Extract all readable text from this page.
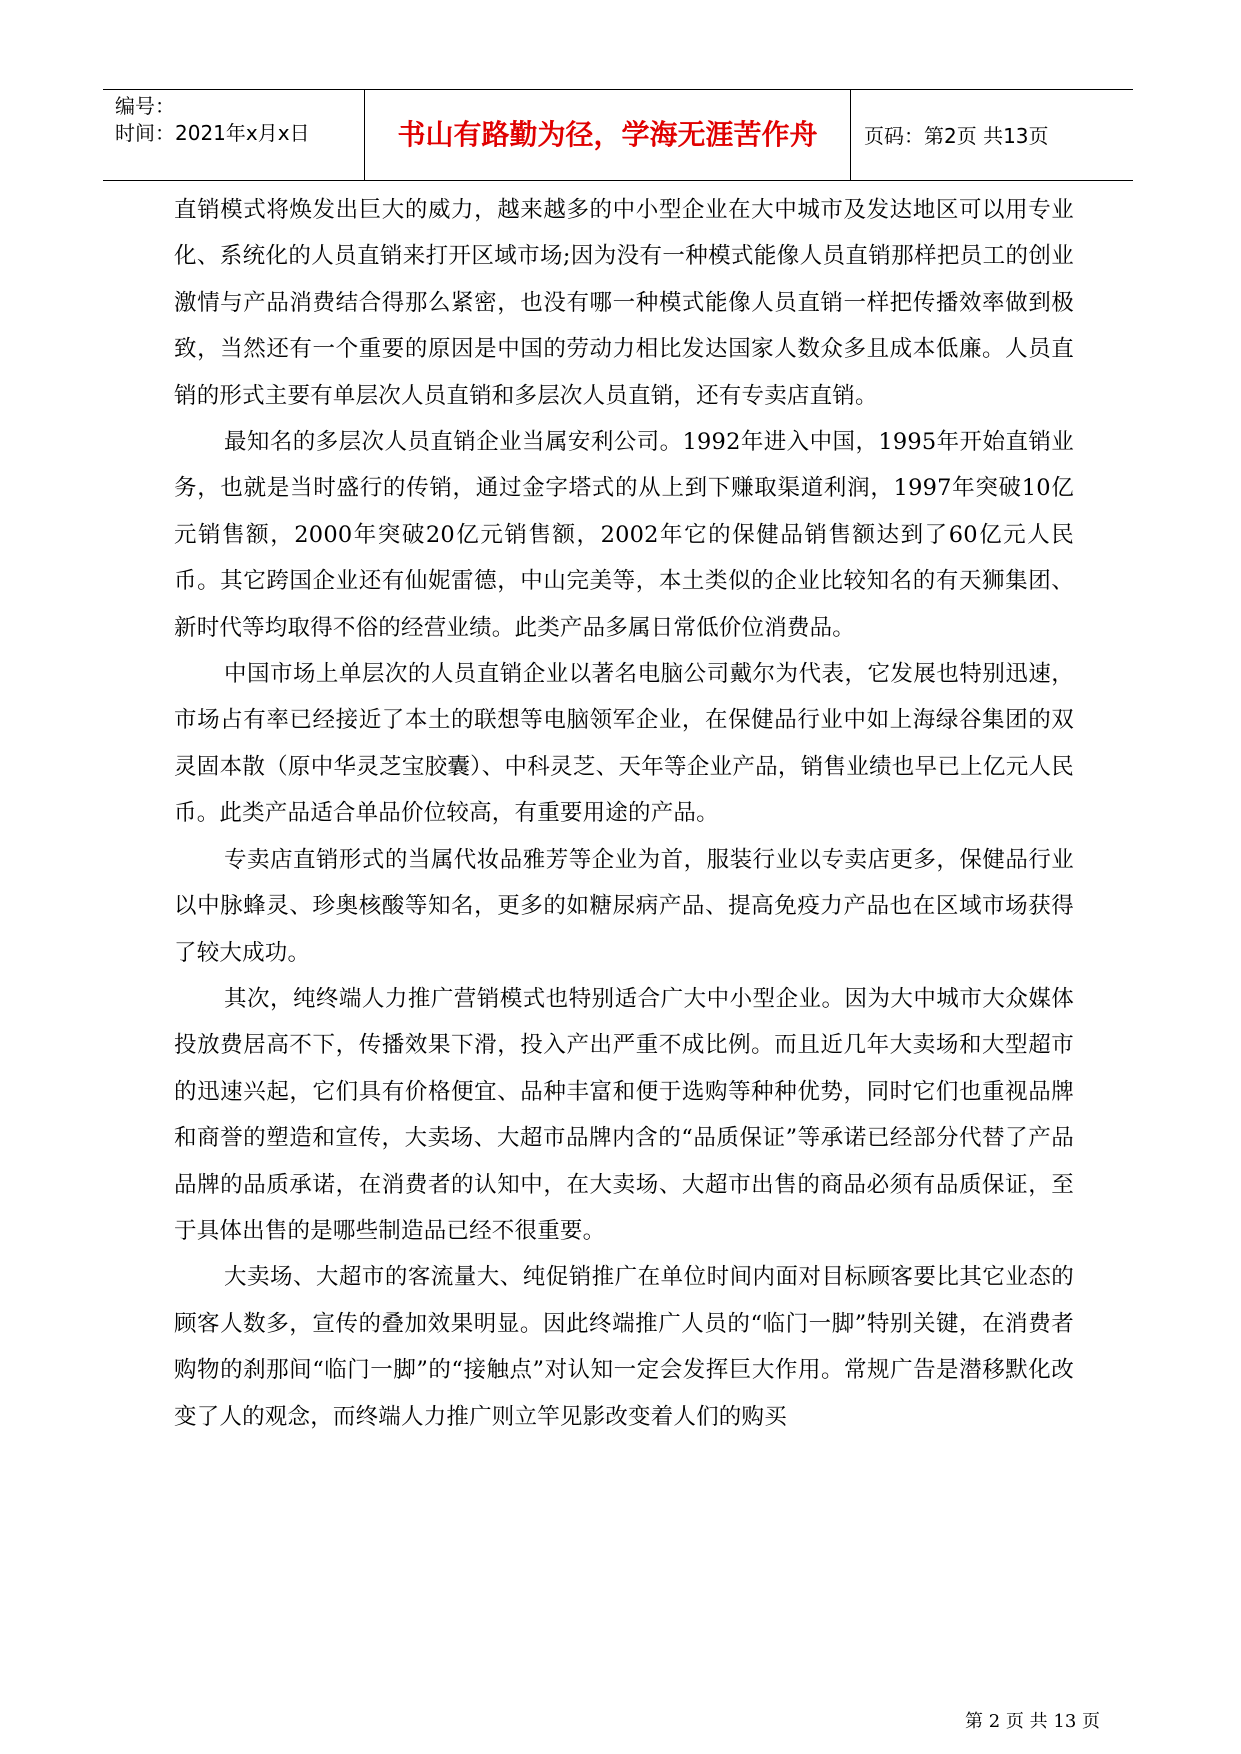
编号：
时间：2021年x月x日	书山有路勤为径，学海无涯苦作舟	页码：第2页 共13页

直销模式将焕发出巨大的威力，越来越多的中小型企业在大中城市及发达地区可以用专业化、系统化的人员直销来打开区域市场;因为没有一种模式能像人员直销那样把员工的创业激情与产品消费结合得那么紧密，也没有哪一种模式能像人员直销一样把传播效率做到极致，当然还有一个重要的原因是中国的劳动力相比发达国家人数众多且成本低廉。人员直销的形式主要有单层次人员直销和多层次人员直销，还有专卖店直销。

最知名的多层次人员直销企业当属安利公司。1992年进入中国，1995年开始直销业务，也就是当时盛行的传销，通过金字塔式的从上到下赚取渠道利润，1997年突破10亿元销售额，2000年突破20亿元销售额，2002年它的保健品销售额达到了60亿元人民币。其它跨国企业还有仙妮雷德，中山完美等，本土类似的企业比较知名的有天狮集团、新时代等均取得不俗的经营业绩。此类产品多属日常低价位消费品。

中国市场上单层次的人员直销企业以著名电脑公司戴尔为代表，它发展也特别迅速，市场占有率已经接近了本土的联想等电脑领军企业，在保健品行业中如上海绿谷集团的双灵固本散（原中华灵芝宝胶囊）、中科灵芝、天年等企业产品，销售业绩也早已上亿元人民币。此类产品适合单品价位较高，有重要用途的产品。

专卖店直销形式的当属代妆品雅芳等企业为首，服装行业以专卖店更多，保健品行业以中脉蜂灵、珍奥核酸等知名，更多的如糖尿病产品、提高免疫力产品也在区域市场获得了较大成功。

其次，纯终端人力推广营销模式也特别适合广大中小型企业。因为大中城市大众媒体投放费居高不下，传播效果下滑，投入产出严重不成比例。而且近几年大卖场和大型超市的迅速兴起，它们具有价格便宜、品种丰富和便于选购等种种优势，同时它们也重视品牌和商誉的塑造和宣传，大卖场、大超市品牌内含的“品质保证”等承诺已经部分代替了产品品牌的品质承诺，在消费者的认知中，在大卖场、大超市出售的商品必须有品质保证，至于具体出售的是哪些制造品已经不很重要。

大卖场、大超市的客流量大、纯促销推广在单位时间内面对目标顾客要比其它业态的顾客人数多，宣传的叠加效果明显。因此终端推广人员的“临门一脚”特别关键，在消费者购物的刹那间“临门一脚”的“接触点”对认知一定会发挥巨大作用。常规广告是潜移默化改变了人的观念，而终端人力推广则立竿见影改变着人们的购买

第 2 页 共 13 页
